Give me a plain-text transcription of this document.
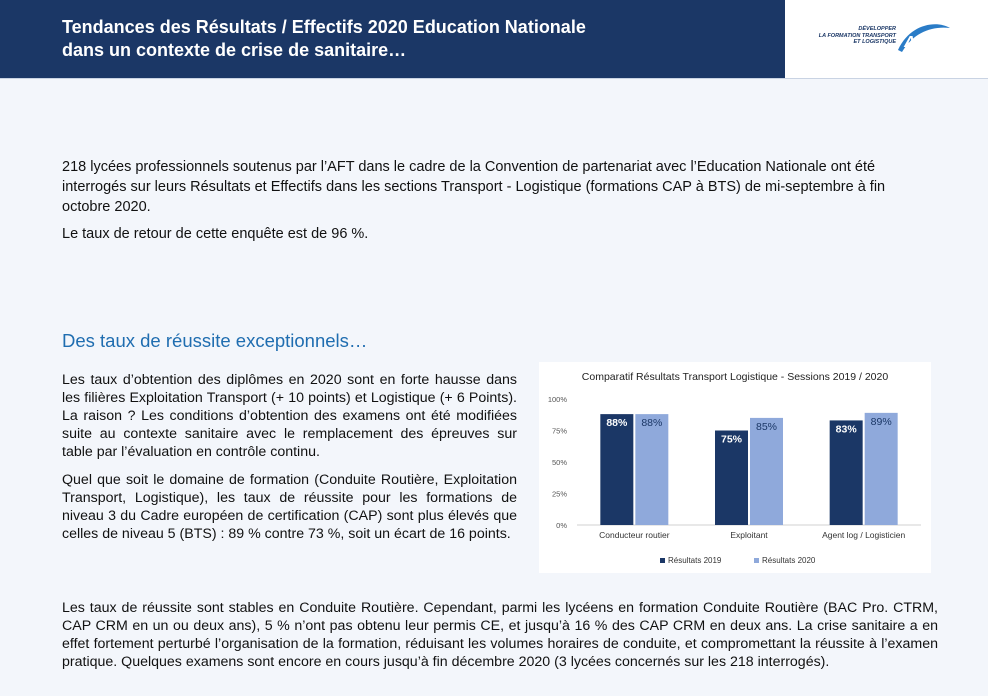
Tendances des Résultats / Effectifs 2020 Education Nationale
dans un contexte de crise de sanitaire…
DÉVELOPPER
LA FORMATION TRANSPORT
ET LOGISTIQUE AFT

218 lycées professionnels soutenus par l’AFT dans le cadre de la Convention de partenariat avec l’Education Nationale ont été interrogés sur leurs Résultats et Effectifs dans les sections Transport - Logistique (formations CAP à BTS) de mi-septembre à fin octobre 2020.

Le taux de retour de cette enquête est de 96 %.

Des taux de réussite exceptionnels…

Les taux d’obtention des diplômes en 2020 sont en forte hausse dans les filières Exploitation Transport (+ 10 points) et Logistique (+ 6 Points). La raison ? Les conditions d’obtention des examens ont été modifiées suite au contexte sanitaire avec le remplacement des épreuves sur table par l’évaluation en contrôle continu.

Quel que soit le domaine de formation (Conduite Routière, Exploitation Transport, Logistique), les taux de réussite pour les formations de niveau 3 du Cadre européen de certification (CAP) sont plus élevés que celles de niveau 5 (BTS) : 89 % contre 73 %, soit un écart de 16 points.

Comparatif Résultats Transport Logistique - Sessions 2019 / 2020
0%
25%
50%
75%
100%
88% 88%
Conducteur routier
75%
85%
Exploitant
83%
89%
Agent log / Logisticien
Résultats 2019	Résultats 2020

Les taux de réussite sont stables en Conduite Routière. Cependant, parmi les lycéens en formation Conduite Routière (BAC Pro. CTRM, CAP CRM en un ou deux ans), 5 % n’ont pas obtenu leur permis CE, et jusqu’à 16 % des CAP CRM en deux ans. La crise sanitaire a en effet fortement perturbé l’organisation de la formation, réduisant les volumes horaires de conduite, et compromettant la réussite à l’examen pratique. Quelques examens sont encore en cours jusqu’à fin décembre 2020 (3 lycées concernés sur les 218 interrogés).
